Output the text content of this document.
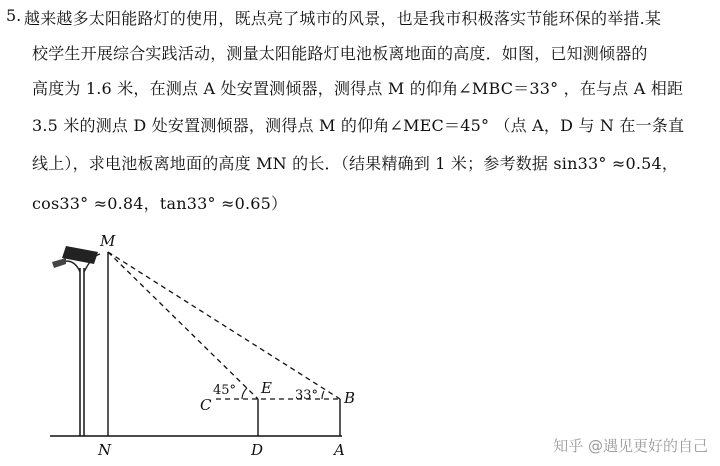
5. 越来越多太阳能路灯的使用，既点亮了城市的风景，也是我市积极落实节能环保的举措.某
校学生开展综合实践活动，测量太阳能路灯电池板离地面的高度．如图，已知测倾器的
高度为 1.6 米，在测点 A 处安置测倾器，测得点 M 的仰角∠MBC＝33° ，在与点 A 相距
3.5 米的测点 D 处安置测倾器，测得点 M 的仰角∠MEC＝45° （点 A，D 与 N 在一条直
线上），求电池板离地面的高度 MN 的长．（结果精确到 1 米；参考数据 sin33° ≈0.54，
cos33° ≈0.84，tan33° ≈0.65）
M
N
C
E
B
D	A
45°	33°
知乎 @遇见更好的自己
